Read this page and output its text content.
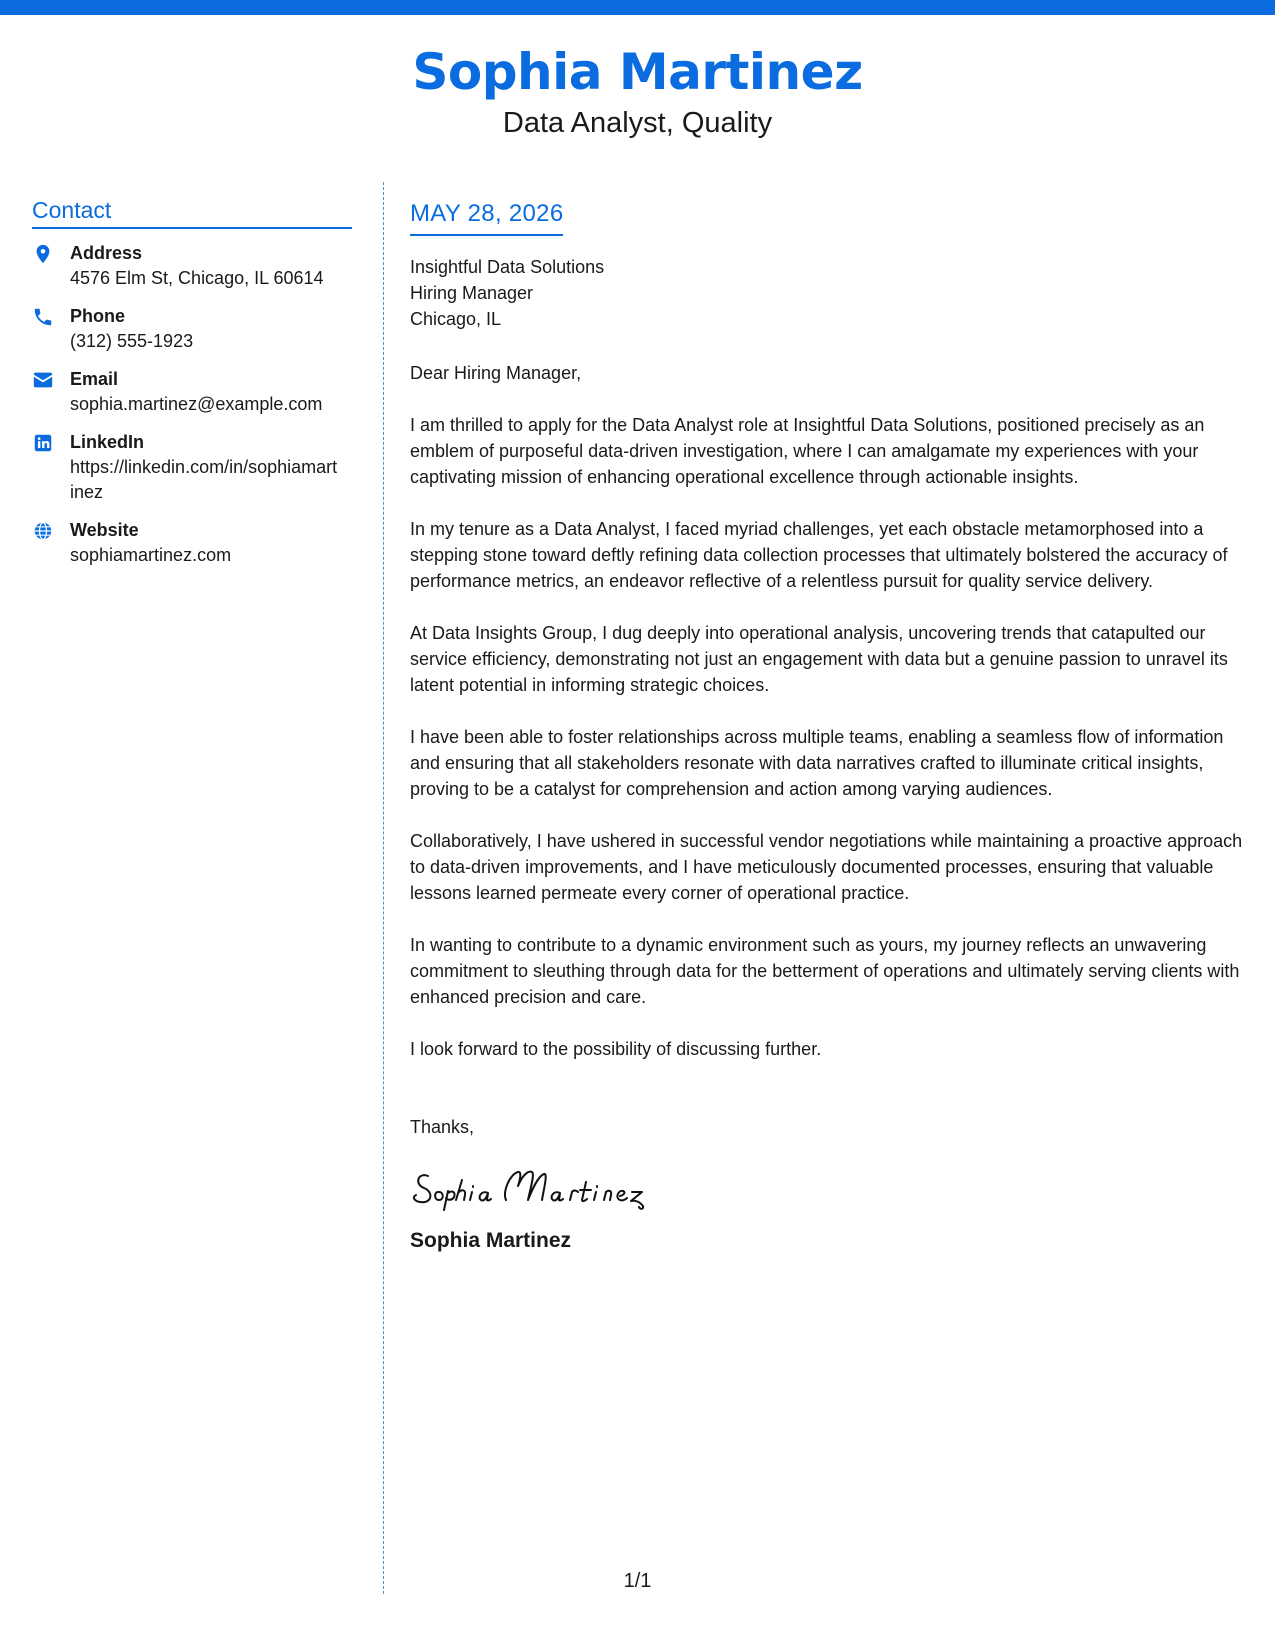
Sophia Martinez
Data Analyst, Quality
Contact
Address
4576 Elm St, Chicago, IL 60614
Phone
(312) 555-1923
Email
sophia.martinez@example.com
LinkedIn
https://linkedin.com/in/sophiamartinez
Website
sophiamartinez.com
MAY 28, 2026
Insightful Data Solutions
Hiring Manager
Chicago, IL
Dear Hiring Manager,
I am thrilled to apply for the Data Analyst role at Insightful Data Solutions, positioned precisely as an emblem of purposeful data-driven investigation, where I can amalgamate my experiences with your captivating mission of enhancing operational excellence through actionable insights.
In my tenure as a Data Analyst, I faced myriad challenges, yet each obstacle metamorphosed into a stepping stone toward deftly refining data collection processes that ultimately bolstered the accuracy of performance metrics, an endeavor reflective of a relentless pursuit for quality service delivery.
At Data Insights Group, I dug deeply into operational analysis, uncovering trends that catapulted our service efficiency, demonstrating not just an engagement with data but a genuine passion to unravel its latent potential in informing strategic choices.
I have been able to foster relationships across multiple teams, enabling a seamless flow of information and ensuring that all stakeholders resonate with data narratives crafted to illuminate critical insights, proving to be a catalyst for comprehension and action among varying audiences.
Collaboratively, I have ushered in successful vendor negotiations while maintaining a proactive approach to data-driven improvements, and I have meticulously documented processes, ensuring that valuable lessons learned permeate every corner of operational practice.
In wanting to contribute to a dynamic environment such as yours, my journey reflects an unwavering commitment to sleuthing through data for the betterment of operations and ultimately serving clients with enhanced precision and care.
I look forward to the possibility of discussing further.
Thanks,
Sophia Martinez
1/1
